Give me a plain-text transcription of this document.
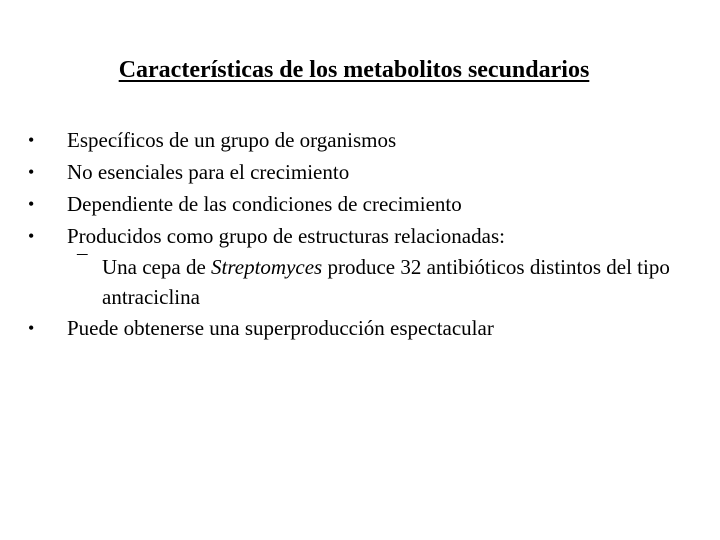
Características de los metabolitos secundarios
• Específicos de un grupo de organismos
• No esenciales para el crecimiento
• Dependiente de las condiciones de crecimiento
• Producidos como grupo de estructuras relacionadas:
¯ Una cepa de Streptomyces produce 32 antibióticos distintos del tipo antraciclina
• Puede obtenerse una superproducción espectacular
